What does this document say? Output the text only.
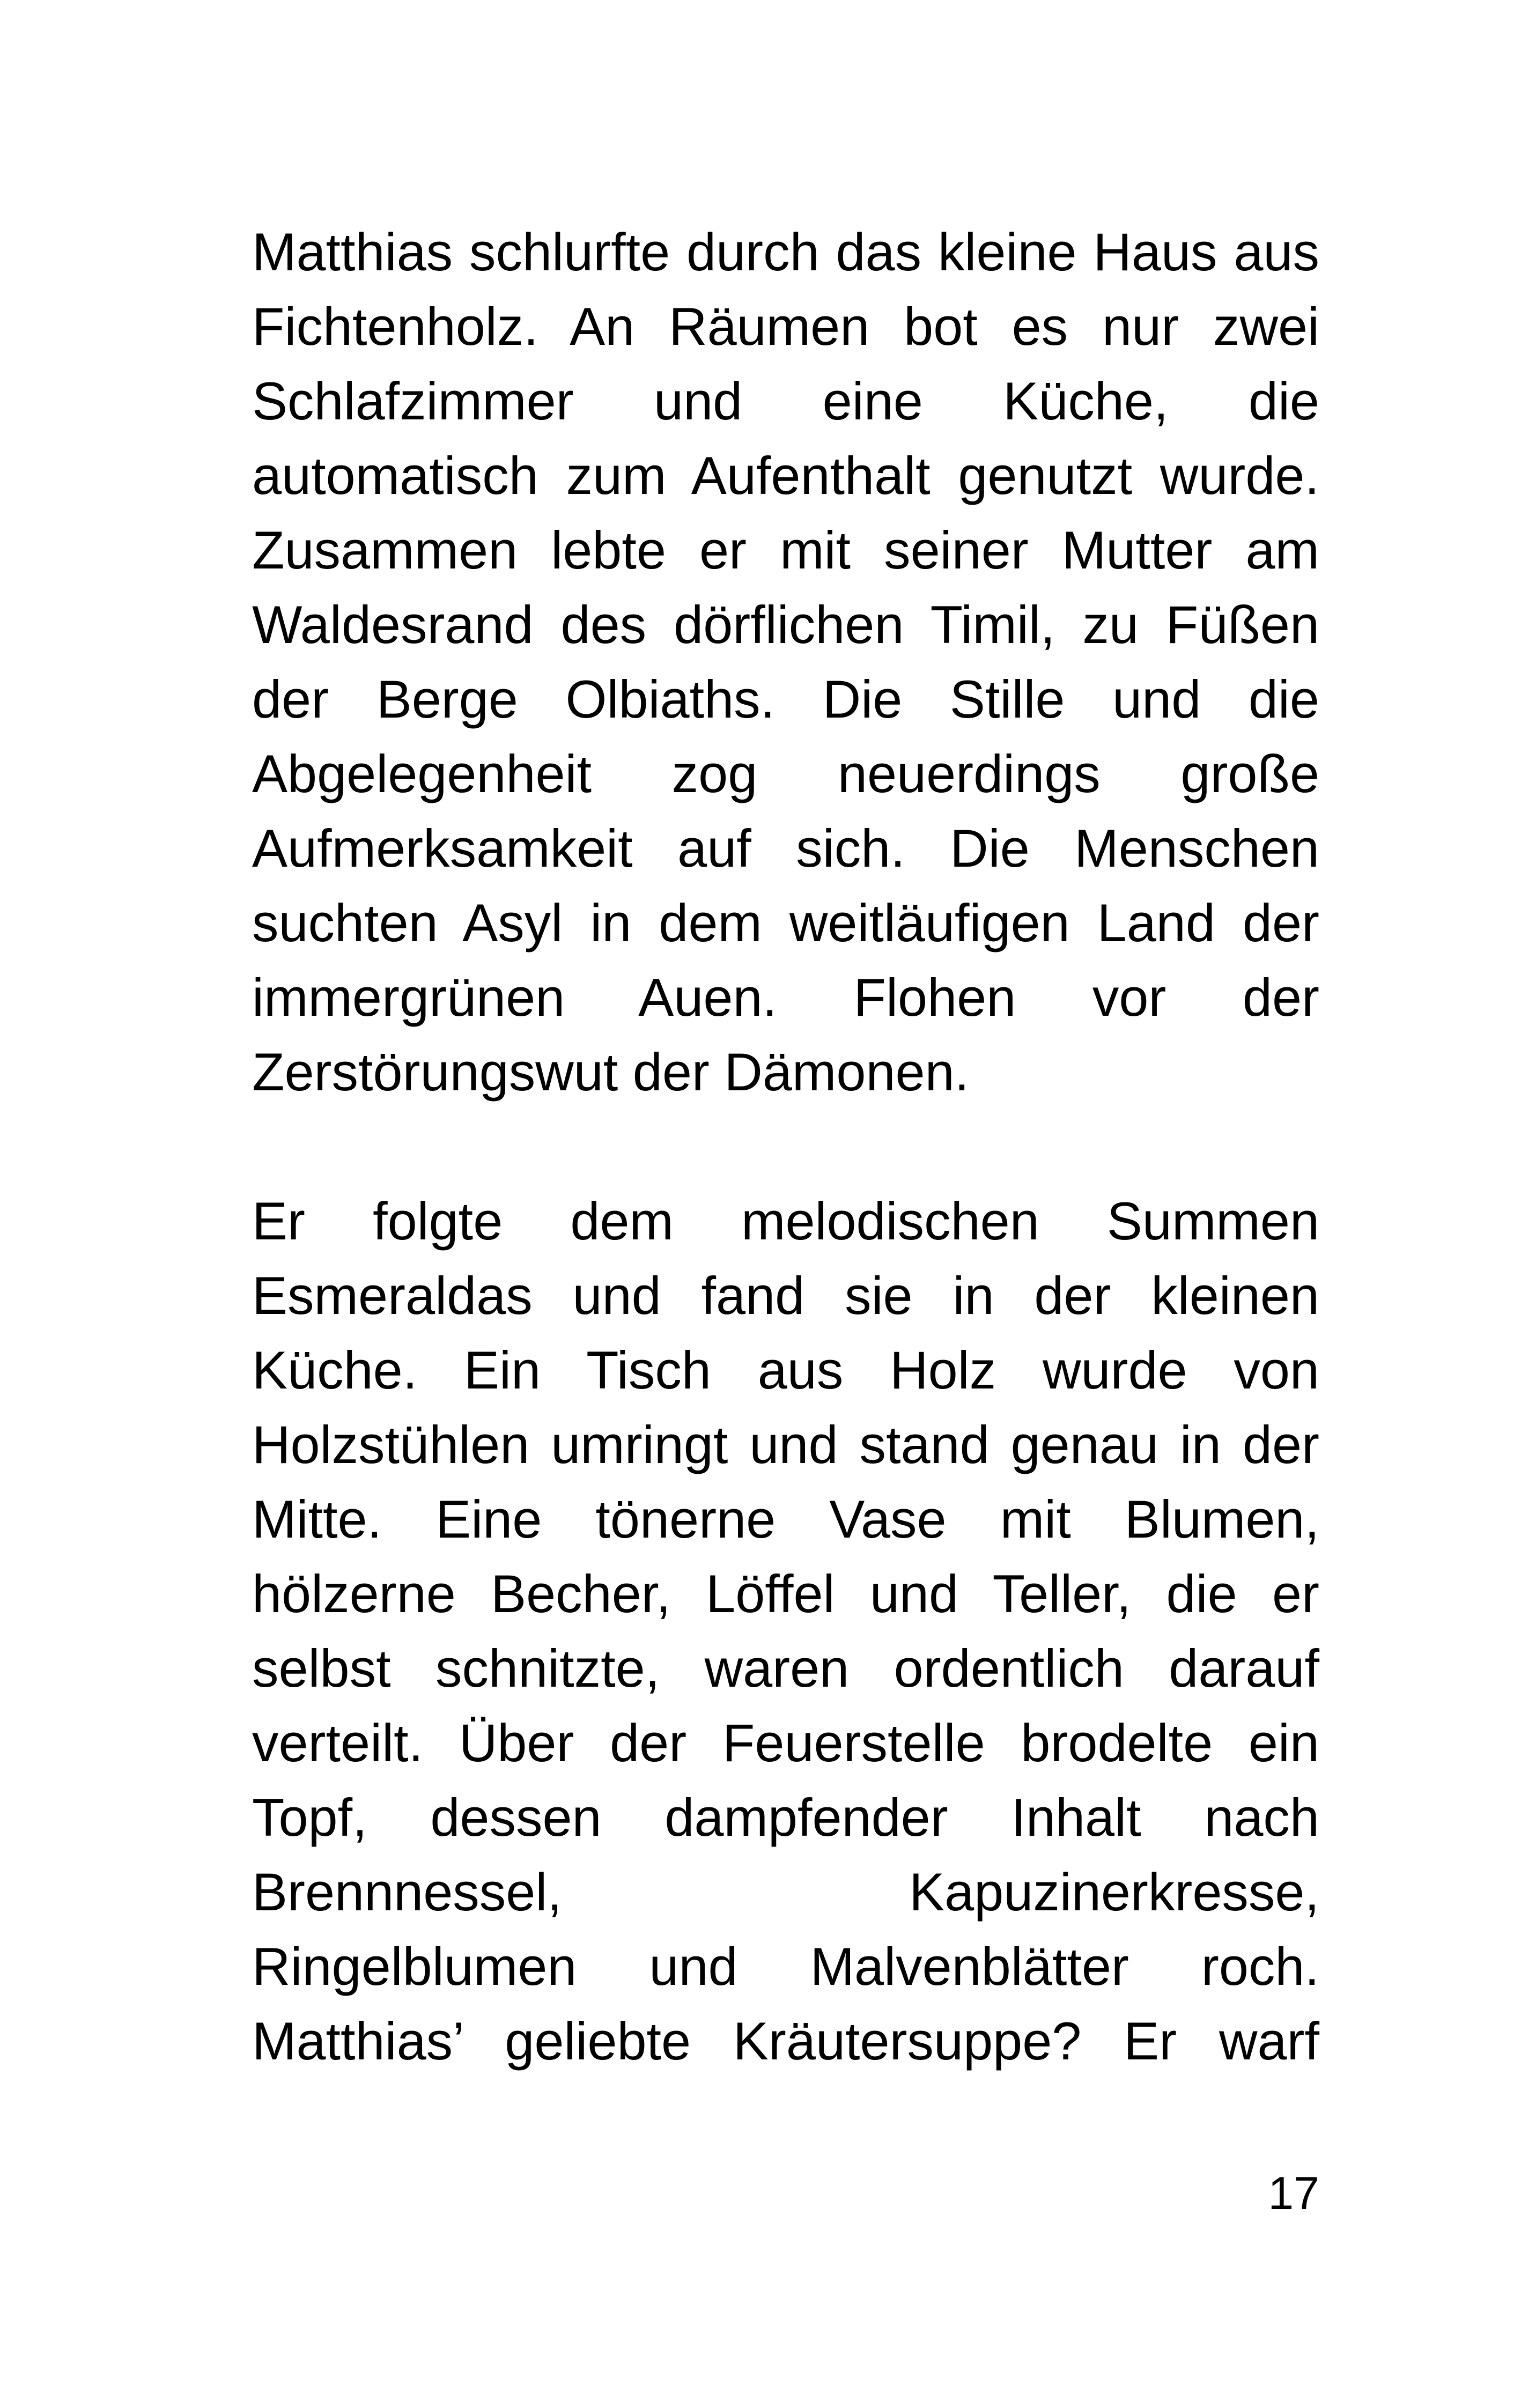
Matthias schlurfte durch das kleine Haus aus
Fichtenholz. An Räumen bot es nur zwei
Schlafzimmer und eine Küche, die
automatisch zum Aufenthalt genutzt wurde.
Zusammen lebte er mit seiner Mutter am
Waldesrand des dörflichen Timil, zu Füßen
der Berge Olbiaths. Die Stille und die
Abgelegenheit zog neuerdings große
Aufmerksamkeit auf sich. Die Menschen
suchten Asyl in dem weitläufigen Land der
immergrünen Auen. Flohen vor der
Zerstörungswut der Dämonen.

Er folgte dem melodischen Summen
Esmeraldas und fand sie in der kleinen
Küche. Ein Tisch aus Holz wurde von
Holzstühlen umringt und stand genau in der
Mitte. Eine tönerne Vase mit Blumen,
hölzerne Becher, Löffel und Teller, die er
selbst schnitzte, waren ordentlich darauf
verteilt. Über der Feuerstelle brodelte ein
Topf, dessen dampfender Inhalt nach
Brennnessel, Kapuzinerkresse,
Ringelblumen und Malvenblätter roch.
Matthias’ geliebte Kräutersuppe? Er warf

17
